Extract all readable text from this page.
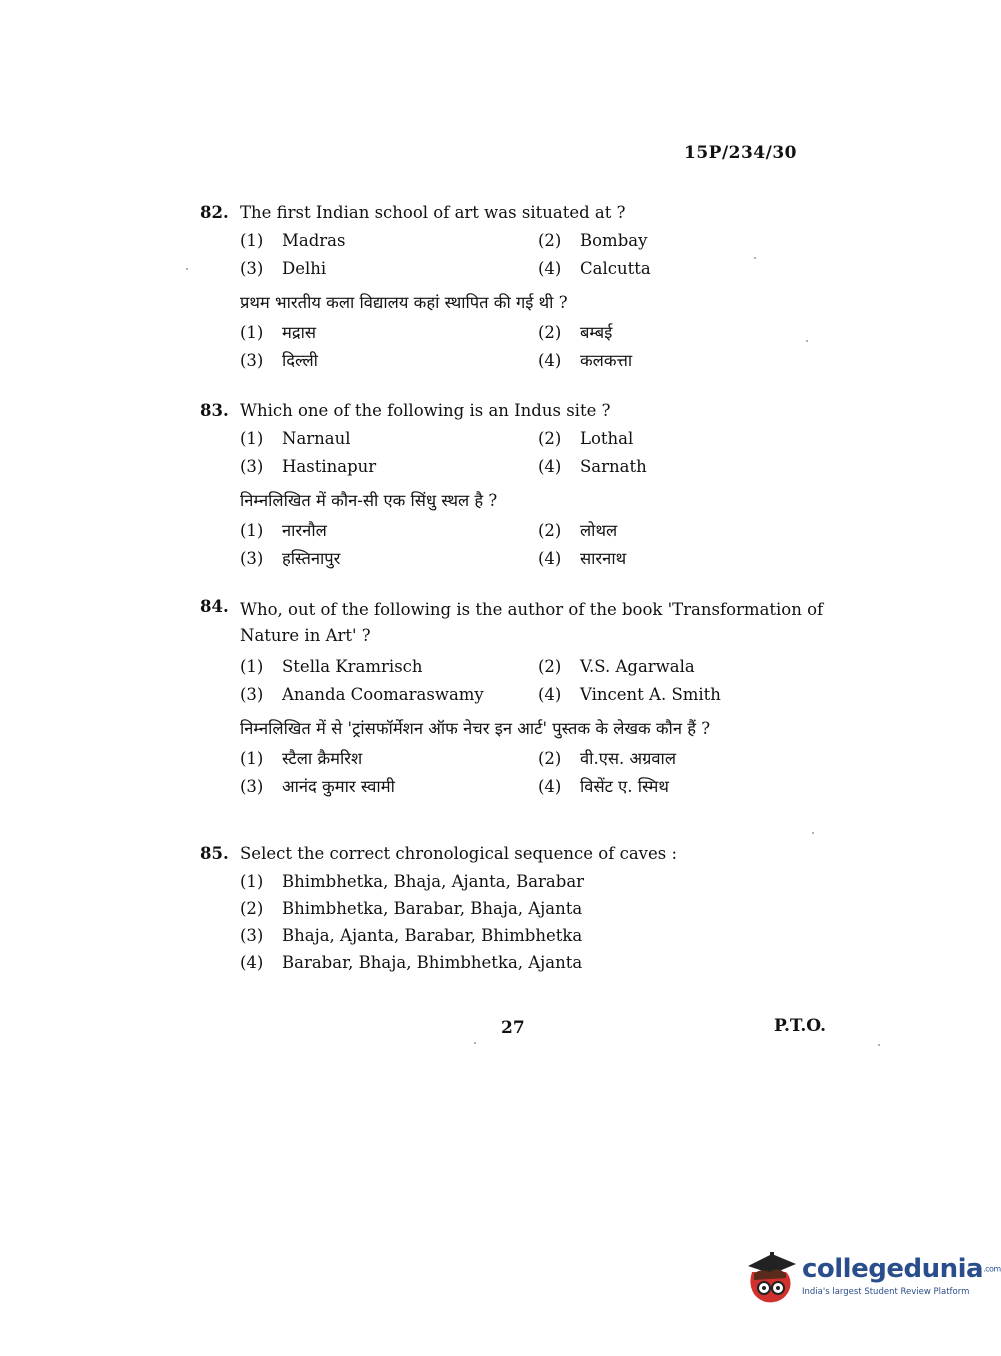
15P/234/30
82. The first Indian school of art was situated at ?
(1)	Madras	(2)	Bombay
(3)	Delhi	(4)	Calcutta
प्रथम भारतीय कला विद्यालय कहां स्थापित की गई थी ?
(1)	मद्रास	(2)	बम्बई
(3)	दिल्ली	(4)	कलकत्ता
83. Which one of the following is an Indus site ?
(1)	Narnaul	(2)	Lothal
(3)	Hastinapur	(4)	Sarnath
निम्नलिखित में कौन-सी एक सिंधु स्थल है ?
(1)	नारनौल	(2)	लोथल
(3)	हस्तिनापुर	(4)	सारनाथ
84. Who, out of the following is the author of the book 'Transformation of Nature in Art' ?
(1)	Stella Kramrisch	(2)	V.S. Agarwala
(3)	Ananda Coomaraswamy	(4)	Vincent A. Smith
निम्नलिखित में से 'ट्रांसफॉर्मेशन ऑफ नेचर इन आर्ट' पुस्तक के लेखक कौन हैं ?
(1)	स्टैला क्रैमरिश	(2)	वी.एस. अग्रवाल
(3)	आनंद कुमार स्वामी	(4)	विसेंट ए. स्मिथ
85. Select the correct chronological sequence of caves :
(1)	Bhimbhetka, Bhaja, Ajanta, Barabar
(2)	Bhimbhetka, Barabar, Bhaja, Ajanta
(3)	Bhaja, Ajanta, Barabar, Bhimbhetka
(4)	Barabar, Bhaja, Bhimbhetka, Ajanta
27	P.T.O.
collegedunia.com
India's largest Student Review Platform
